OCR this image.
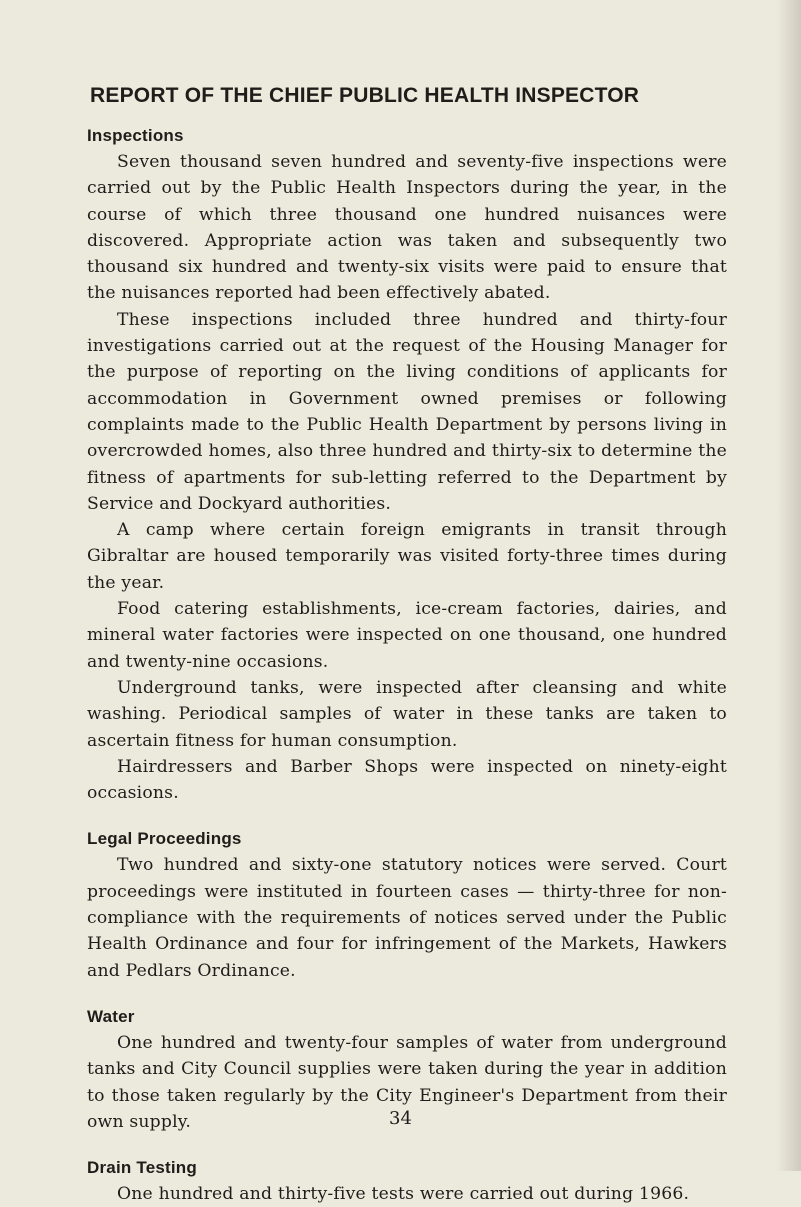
REPORT OF THE CHIEF PUBLIC HEALTH INSPECTOR
Inspections

Seven thousand seven hundred and seventy-five inspections were carried out by the Public Health Inspectors during the year, in the course of which three thousand one hundred nuisances were discovered. Appropriate action was taken and subsequently two thousand six hundred and twenty-six visits were paid to ensure that the nuisances reported had been effectively abated.

These inspections included three hundred and thirty-four investigations carried out at the request of the Housing Manager for the purpose of reporting on the living conditions of applicants for accommodation in Government owned premises or following complaints made to the Public Health Department by persons living in overcrowded homes, also three hundred and thirty-six to determine the fitness of apartments for sub-letting referred to the Department by Service and Dockyard authorities.

A camp where certain foreign emigrants in transit through Gibraltar are housed temporarily was visited forty-three times during the year.

Food catering establishments, ice-cream factories, dairies, and mineral water factories were inspected on one thousand, one hundred and twenty-nine occasions.

Underground tanks, were inspected after cleansing and white washing. Periodical samples of water in these tanks are taken to ascertain fitness for human consumption.

Hairdressers and Barber Shops were inspected on ninety-eight occasions.

Legal Proceedings

Two hundred and sixty-one statutory notices were served. Court proceedings were instituted in fourteen cases — thirty-three for non-compliance with the requirements of notices served under the Public Health Ordinance and four for infringement of the Markets, Hawkers and Pedlars Ordinance.

Water

One hundred and twenty-four samples of water from underground tanks and City Council supplies were taken during the year in addition to those taken regularly by the City Engineer's Department from their own supply.

Drain Testing

One hundred and thirty-five tests were carried out during 1966.

34
